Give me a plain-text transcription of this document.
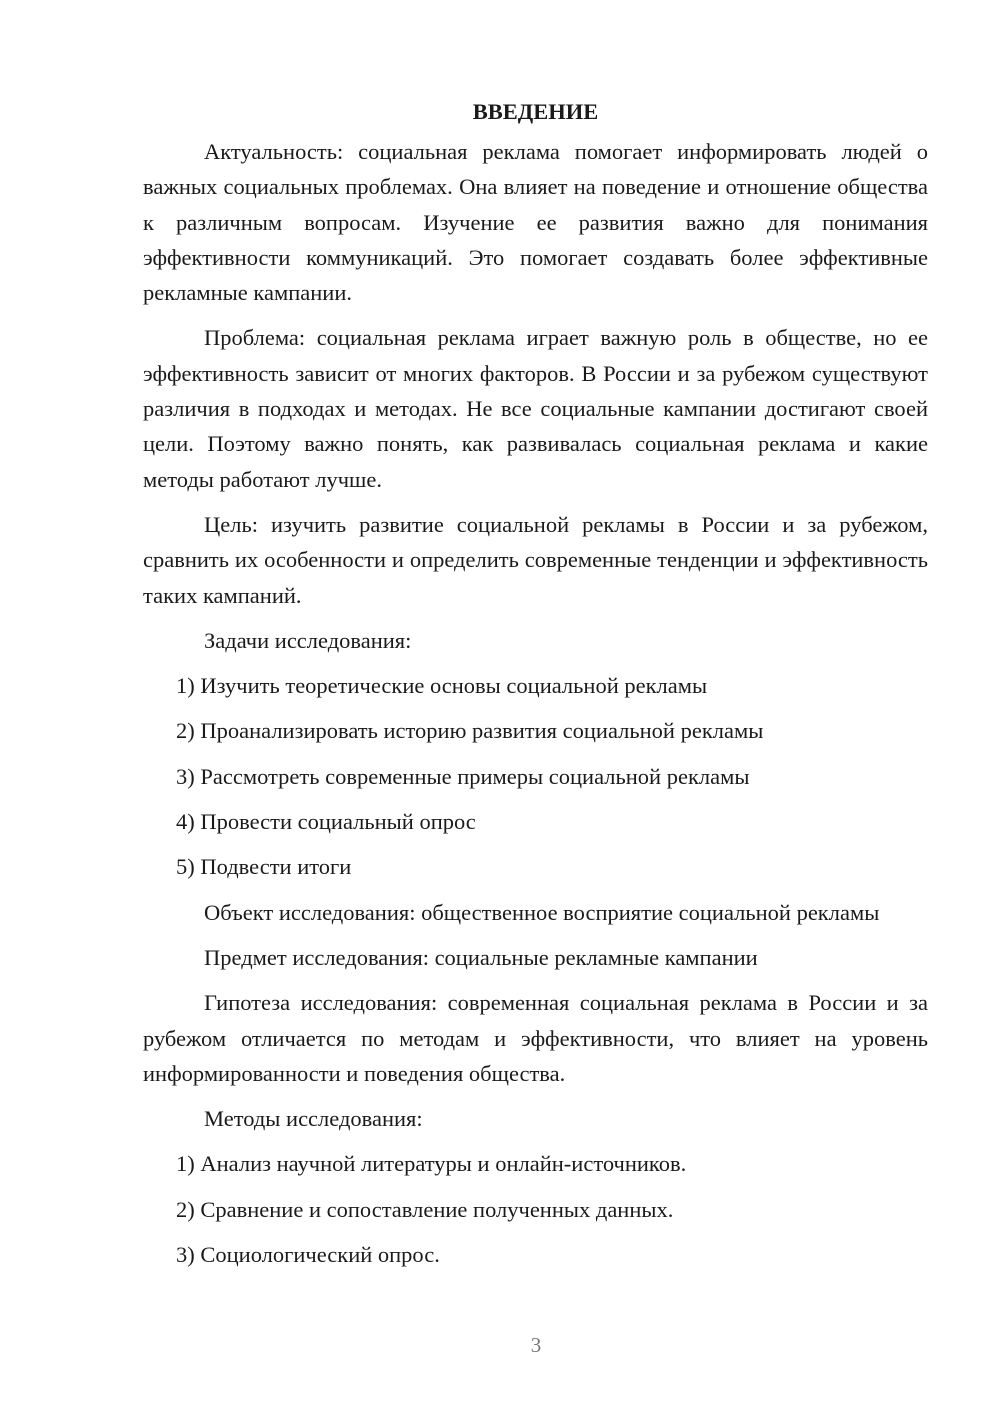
ВВЕДЕНИЕ
Актуальность: социальная реклама помогает информировать людей о важных социальных проблемах. Она влияет на поведение и отношение общества к различным вопросам. Изучение ее развития важно для понимания эффективности коммуникаций. Это помогает создавать более эффективные рекламные кампании.
Проблема: социальная реклама играет важную роль в обществе, но ее эффективность зависит от многих факторов. В России и за рубежом существуют различия в подходах и методах. Не все социальные кампании достигают своей цели. Поэтому важно понять, как развивалась социальная реклама и какие методы работают лучше.
Цель: изучить развитие социальной рекламы в России и за рубежом, сравнить их особенности и определить современные тенденции и эффективность таких кампаний.
Задачи исследования:
1) Изучить теоретические основы социальной рекламы
2) Проанализировать историю развития социальной рекламы
3) Рассмотреть современные примеры социальной рекламы
4) Провести социальный опрос
5) Подвести итоги
Объект исследования: общественное восприятие социальной рекламы
Предмет исследования: социальные рекламные кампании
Гипотеза исследования: современная социальная реклама в России и за рубежом отличается по методам и эффективности, что влияет на уровень информированности и поведения общества.
Методы исследования:
1) Анализ научной литературы и онлайн-источников.
2) Сравнение и сопоставление полученных данных.
3) Социологический опрос.
3
